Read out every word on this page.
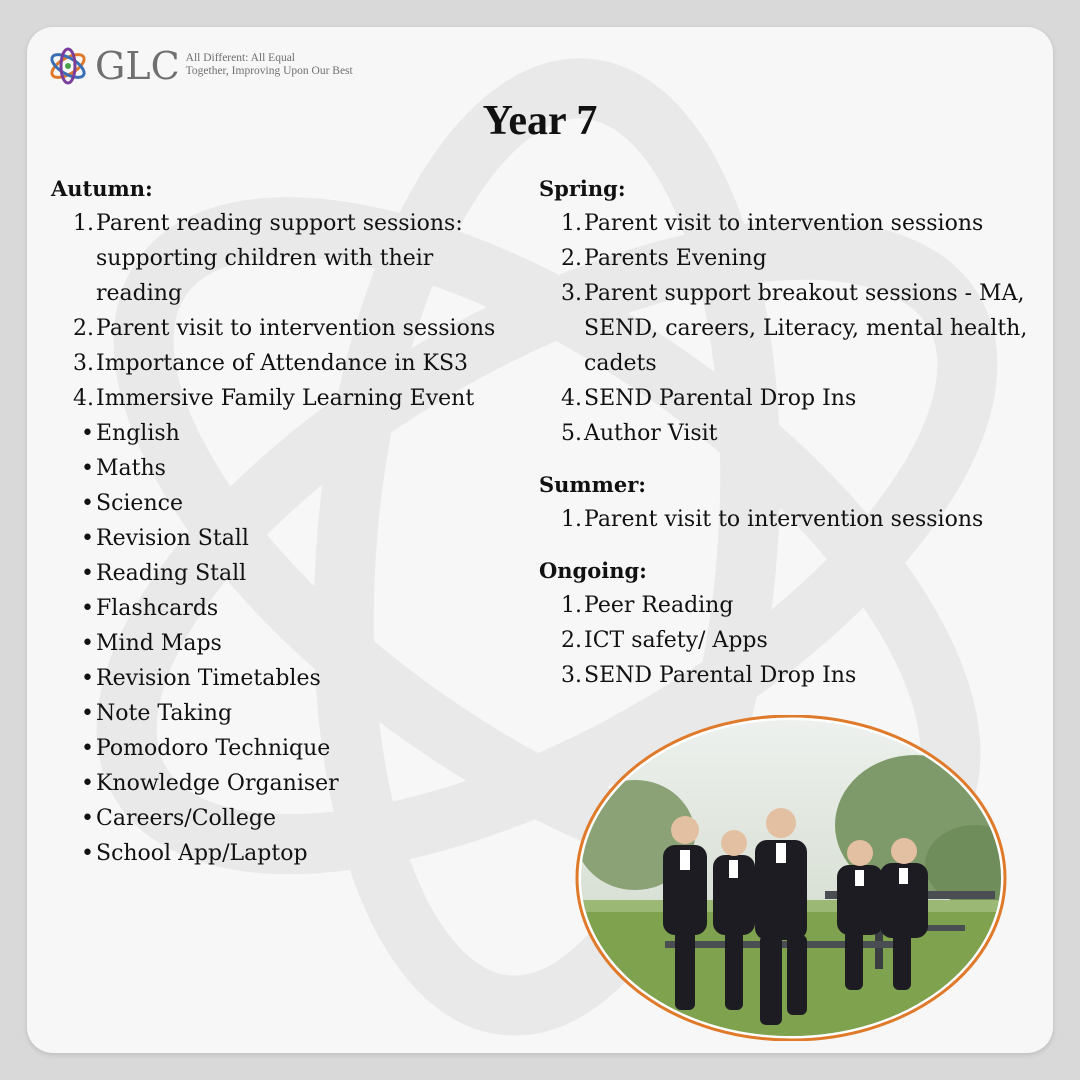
GLC All Different: All Equal
Together, Improving Upon Our Best
Year 7
Autumn:
1. Parent reading support sessions:
supporting children with their
reading
2. Parent visit to intervention sessions
3. Importance of Attendance in KS3
4. Immersive Family Learning Event
• English
• Maths
• Science
• Revision Stall
• Reading Stall
• Flashcards
• Mind Maps
• Revision Timetables
• Note Taking
• Pomodoro Technique
• Knowledge Organiser
• Careers/College
• School App/Laptop
Spring:
1. Parent visit to intervention sessions
2. Parents Evening
3. Parent support breakout sessions - MA,
SEND, careers, Literacy, mental health,
cadets
4. SEND Parental Drop Ins
5. Author Visit
Summer:
1. Parent visit to intervention sessions
Ongoing:
1. Peer Reading
2. ICT safety/ Apps
3. SEND Parental Drop Ins
